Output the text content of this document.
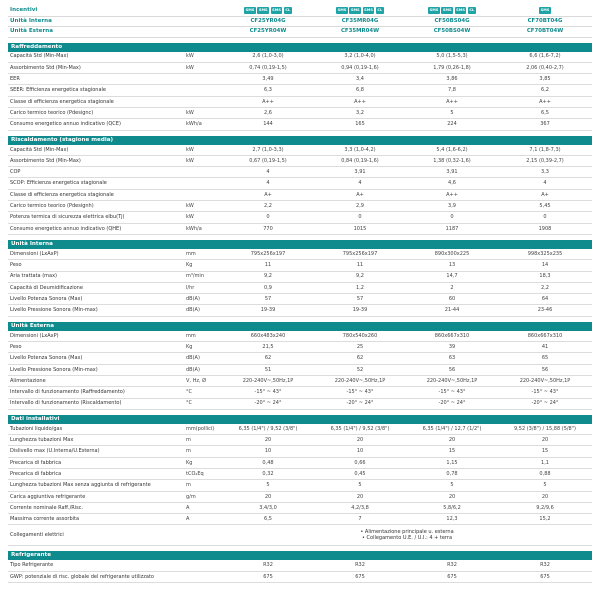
Incentivi	SMS	SMS	SMS	CL	SMS	SMS	SMS	CL	SMS	SMS	SMS	CL	SMS
Unità Interna	CF25YR04G	CF35MR04G	CF50BS04G	CF70BT04G
Unità Esterna	CF25YR04W	CF35MR04W	CF50BS04W	CF70BT04W
Raffreddamento
Capacità Std (Min-Max)	kW	2,6 (1,0-3,0)	3,2 (1,0-4,0)	5,0 (1,5-5,3)	6,6 (1,6-7,2)
Assorbimento Std (Min-Max)	kW	0,74 (0,19-1,5)	0,94 (0,19-1,6)	1,79 (0,26-1,8)	2,06 (0,40-2,7)
EER	3,49	3,4	3,86	3,85
SEER: Efficienza energetica stagionale	6,3	6,8	7,8	6,2
Classe di efficienza energetica stagionale	A++	A++	A++	A++
Carico termico teorico (Pdesignc)	kW	2,6	3,2	5	6,5
Consumo energetico annuo indicativo (QCE)	kWh/a	144	165	224	367
Riscaldamento (stagione media)
Capacità Std (Min-Max)	kW	2,7 (1,0-3,3)	3,3 (1,0-4,2)	5,4 (1,6-6,2)	7,1 (1,8-7,3)
Assorbimento Std (Min-Max)	kW	0,67 (0,19-1,5)	0,84 (0,19-1,6)	1,38 (0,32-1,6)	2,15 (0,39-2,7)
COP	4	3,91	3,91	3,3
SCOP: Efficienza energetica stagionale	4	4	4,6	4
Classe di efficienza energetica stagionale	A+	A+	A++	A+
Carico termico teorico (Pdesignh)	kW	2,2	2,9	3,9	5,45
Potenza termica di sicurezza elettrica elbu(Tj)	kW	0	0	0	0
Consumo energetico annuo indicativo (QHE)	kWh/a	770	1015	1187	1908
Unità Interna
Dimensioni (LxAxP)	mm	795x256x197	795x256x197	890x300x225	998x325x235
Peso	Kg	11	11	13	14
Aria trattata (max)	m³/min	9,2	9,2	14,7	18,3
Capacità di Deumidificazione	l/hr	0,9	1,2	2	2,2
Livello Potenza Sonora (Max)	dB(A)	57	57	60	64
Livello Pressione Sonora (Min-max)	dB(A)	19-39	19-39	21-44	23-46
Unità Esterna
Dimensioni (LxAxP)	mm	660x483x240	780x540x260	860x667x310	860x667x310
Peso	Kg	21,5	25	39	41
Livello Potenza Sonora (Max)	dB(A)	62	62	63	65
Livello Pressione Sonora (Min-max)	dB(A)	51	52	56	56
Alimentazione	V, Hz, Ø	220-240V~,50Hz,1P	220-240V~,50Hz,1P	220-240V~,50Hz,1P	220-240V~,50Hz,1P
Intervallo di funzionamento (Raffreddamento)	°C	-15° ~ 43°	-15° ~ 43°	-15° ~ 43°	-15° ~ 43°
Intervallo di funzionamento (Riscaldamento)	°C	-20° ~ 24°	-20° ~ 24°	-20° ~ 24°	-20° ~ 24°
Dati installativi
Tubazioni liquido/gas	mm(pollici)	6,35 (1/4") / 9,52 (3/8")	6,35 (1/4") / 9,52 (3/8")	6,35 (1/4") / 12,7 (1/2")	9,52 (3/8") / 15,88 (5/8")
Lunghezza tubazioni Max	m	20	20	20	20
Dislivello max (U.Interna/U.Esterna)	m	10	10	15	15
Precarica di fabbrica	Kg	0,48	0,66	1,15	1,1
Precarica di fabbrica	tCO₂Eq	0,32	0,45	0,78	0,88
Lunghezza tubazioni Max senza aggiunta di refrigerante	m	5	5	5	5
Carica aggiuntiva refrigerante	g/m	20	20	20	20
Corrente nominale Raff./Risc.	A	3,4/3,0	4,2/3,8	5,8/6,2	9,2/9,6
Massima corrente assorbita	A	6,5	7	12,3	15,2
Collegamenti elettrici
• Alimentazione principale u. esterna
• Collegamento U.E. / U.I.: 4 + terra
Refrigerante
Tipo Refrigerante	R32	R32	R32	R32
GWP: potenziale di risc. globale del refrigerante utilizzato	675	675	675	675
